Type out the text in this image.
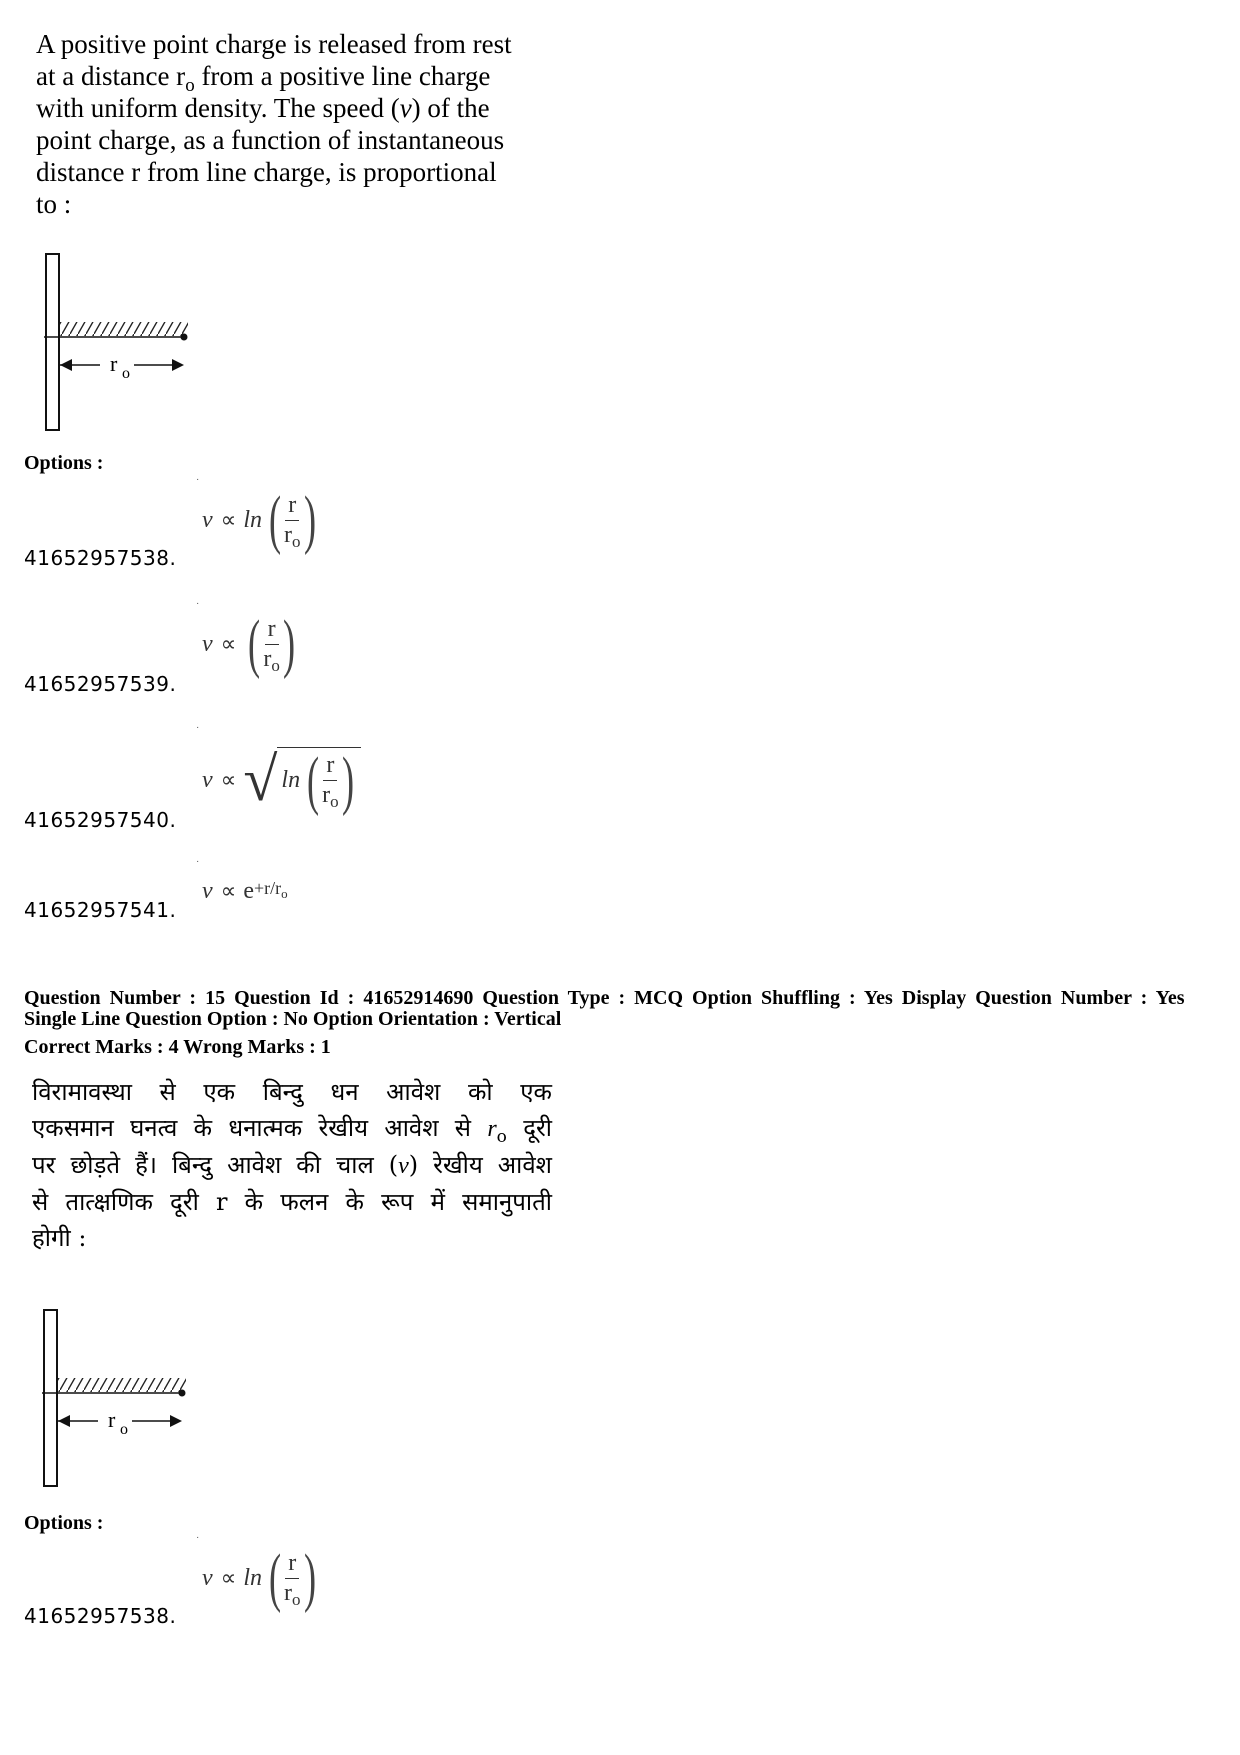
A positive point charge is released from rest
at a distance $r_o$ from a positive line charge
with uniform density. The speed (v) of the
point charge, as a function of instantaneous
distance r from line charge, is proportional
to :
r o
Options :
·
41652957538.
v ∝ ln ( $\frac{r}{r_o}$ )
·
41652957539.
v ∝ ( $\frac{r}{r_o}$ )
·
41652957540.
v ∝ √ ln ( $\frac{r}{r_o}$ )
·
41652957541.
$v \propto e +r/r_o$
Question Number : 15 Question Id : 41652914690 Question Type : MCQ Option Shuffling : Yes Display Question Number : Yes
Single Line Question Option : No Option Orientation : Vertical
Correct Marks : 4 Wrong Marks : 1
विरामावस्था से एक बिन्दु धन आवेश को एक
एकसमान घनत्व के धनात्मक रेखीय आवेश से $r_o$ दूरी
पर छोड़ते हैं। बिन्दु आवेश की चाल (v) रेखीय आवेश
से तात्क्षणिक दूरी r के फलन के रूप में समानुपाती
होगी :
r o
Options :
·
41652957538.
v ∝ ln ( $\frac{r}{r_o}$ )
